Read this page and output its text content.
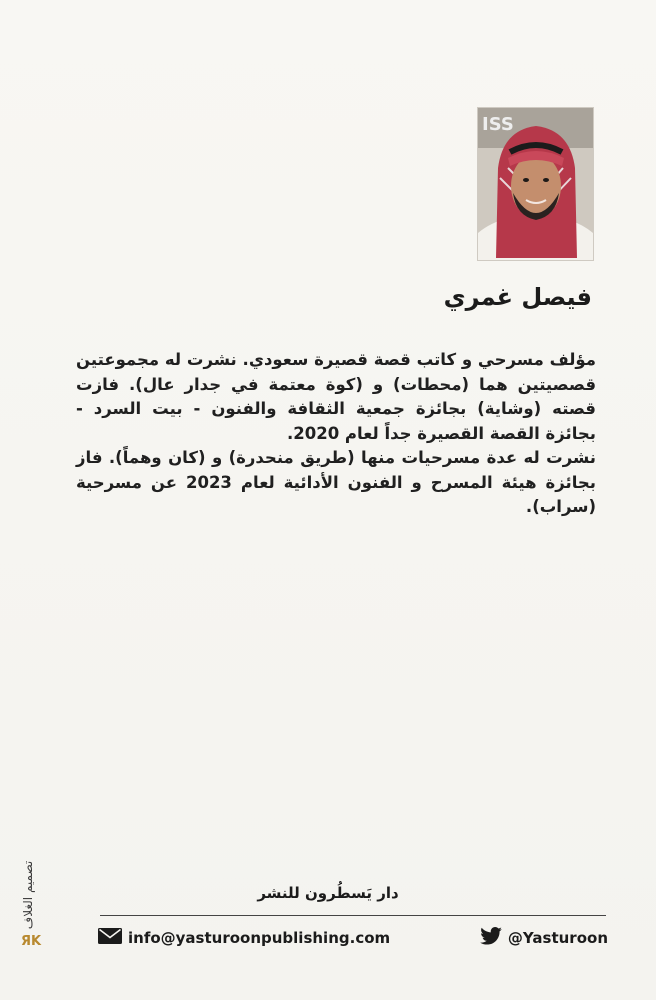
ISS
فيصل غمري

مؤلف مسرحي و كاتب قصة قصيرة سعودي. نشرت له مجموعتين قصصيتين هما (محطات) و (كوة معتمة في جدار عال). فازت قصته (وشاية) بجائزة جمعية الثقافة والفنون - بيت السرد - بجائزة القصة القصيرة جداً لعام 2020.

نشرت له عدة مسرحيات منها (طريق منحدرة) و (كان وهماً). فاز بجائزة هيئة المسرح و الفنون الأدائية لعام 2023 عن مسرحية (سراب).

تصميم الغلاف
ЯK
دار يَسطُرون للنشر
info@yasturoonpublishing.com	@Yasturoon
